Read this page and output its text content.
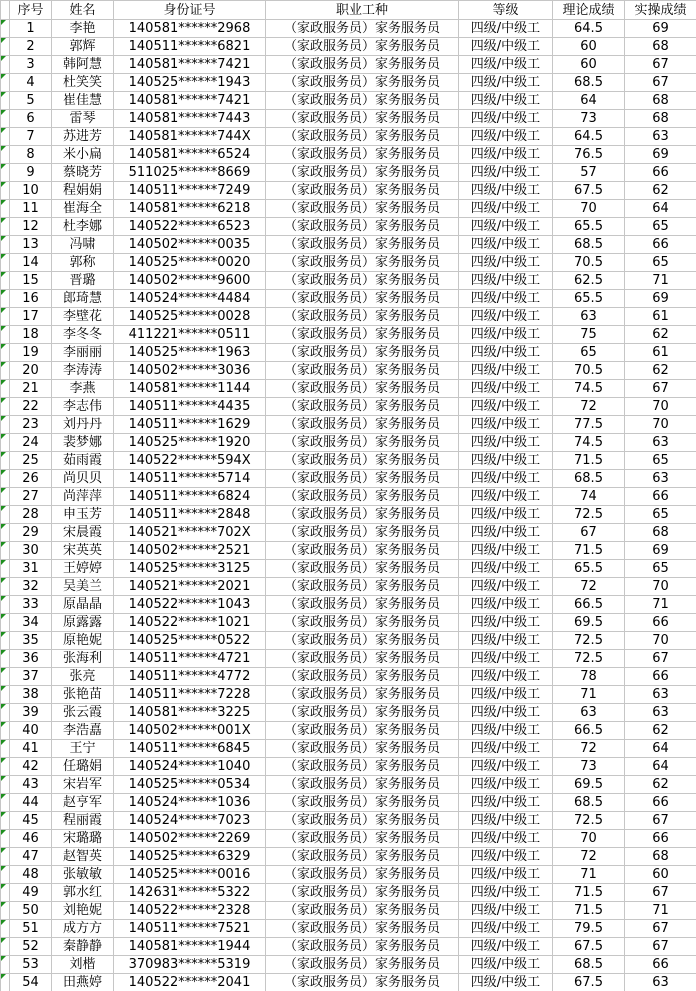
	序号	姓名	身份证号	职业工种	等级	理论成绩	实操成绩

	1	李艳	140581******2968	（家政服务员）家务服务员	四级/中级工	64.5	69

	2	郭辉	140511******6821	（家政服务员）家务服务员	四级/中级工	60	68

	3	韩阿慧	140581******7421	（家政服务员）家务服务员	四级/中级工	60	67

	4	杜笑笑	140525******1943	（家政服务员）家务服务员	四级/中级工	68.5	67

	5	崔佳慧	140581******7421	（家政服务员）家务服务员	四级/中级工	64	68

	6	雷琴	140581******7443	（家政服务员）家务服务员	四级/中级工	73	68

	7	苏进芳	140581******744X	（家政服务员）家务服务员	四级/中级工	64.5	63

	8	米小扁	140581******6524	（家政服务员）家务服务员	四级/中级工	76.5	69

	9	蔡晓芳	511025******8669	（家政服务员）家务服务员	四级/中级工	57	66

	10	程娟娟	140511******7249	（家政服务员）家务服务员	四级/中级工	67.5	62

	11	崔海全	140581******6218	（家政服务员）家务服务员	四级/中级工	70	64

	12	杜李娜	140522******6523	（家政服务员）家务服务员	四级/中级工	65.5	65

	13	冯啸	140502******0035	（家政服务员）家务服务员	四级/中级工	68.5	66

	14	郭称	140525******0020	（家政服务员）家务服务员	四级/中级工	70.5	65

	15	晋璐	140502******9600	（家政服务员）家务服务员	四级/中级工	62.5	71

	16	郎琦慧	140524******4484	（家政服务员）家务服务员	四级/中级工	65.5	69

	17	李壁花	140525******0028	（家政服务员）家务服务员	四级/中级工	63	61

	18	李冬冬	411221******0511	（家政服务员）家务服务员	四级/中级工	75	62

	19	李丽丽	140525******1963	（家政服务员）家务服务员	四级/中级工	65	61

	20	李涛涛	140502******3036	（家政服务员）家务服务员	四级/中级工	70.5	62

	21	李燕	140581******1144	（家政服务员）家务服务员	四级/中级工	74.5	67

	22	李志伟	140511******4435	（家政服务员）家务服务员	四级/中级工	72	70

	23	刘丹丹	140511******1629	（家政服务员）家务服务员	四级/中级工	77.5	70

	24	裴梦娜	140525******1920	（家政服务员）家务服务员	四级/中级工	74.5	63

	25	茹雨霞	140522******594X	（家政服务员）家务服务员	四级/中级工	71.5	65

	26	尚贝贝	140511******5714	（家政服务员）家务服务员	四级/中级工	68.5	63

	27	尚萍萍	140511******6824	（家政服务员）家务服务员	四级/中级工	74	66

	28	申玉芳	140511******2848	（家政服务员）家务服务员	四级/中级工	72.5	65

	29	宋晨霞	140521******702X	（家政服务员）家务服务员	四级/中级工	67	68

	30	宋英英	140502******2521	（家政服务员）家务服务员	四级/中级工	71.5	69

	31	王婷婷	140525******3125	（家政服务员）家务服务员	四级/中级工	65.5	65

	32	吴美兰	140521******2021	（家政服务员）家务服务员	四级/中级工	72	70

	33	原晶晶	140522******1043	（家政服务员）家务服务员	四级/中级工	66.5	71

	34	原露露	140522******1021	（家政服务员）家务服务员	四级/中级工	69.5	66

	35	原艳妮	140525******0522	（家政服务员）家务服务员	四级/中级工	72.5	70

	36	张海利	140511******4721	（家政服务员）家务服务员	四级/中级工	72.5	67

	37	张亮	140511******4772	（家政服务员）家务服务员	四级/中级工	78	66

	38	张艳苗	140511******7228	（家政服务员）家务服务员	四级/中级工	71	63

	39	张云霞	140581******3225	（家政服务员）家务服务员	四级/中级工	63	63

	40	李浩嚞	140502******001X	（家政服务员）家务服务员	四级/中级工	66.5	62

	41	王宁	140511******6845	（家政服务员）家务服务员	四级/中级工	72	64

	42	任璐娟	140524******1040	（家政服务员）家务服务员	四级/中级工	73	64

	43	宋岩军	140525******0534	（家政服务员）家务服务员	四级/中级工	69.5	62

	44	赵亨军	140524******1036	（家政服务员）家务服务员	四级/中级工	68.5	66

	45	程丽霞	140524******7023	（家政服务员）家务服务员	四级/中级工	72.5	67

	46	宋璐璐	140502******2269	（家政服务员）家务服务员	四级/中级工	70	66

	47	赵智英	140525******6329	（家政服务员）家务服务员	四级/中级工	72	68

	48	张敏敏	140525******0016	（家政服务员）家务服务员	四级/中级工	71	60

	49	郭水红	142631******5322	（家政服务员）家务服务员	四级/中级工	71.5	67

	50	刘艳妮	140522******2328	（家政服务员）家务服务员	四级/中级工	71.5	71

	51	成方方	140511******7521	（家政服务员）家务服务员	四级/中级工	79.5	67

	52	秦静静	140581******1944	（家政服务员）家务服务员	四级/中级工	67.5	67

	53	刘楷	370983******5319	（家政服务员）家务服务员	四级/中级工	68.5	66

	54	田燕婷	140522******2041	（家政服务员）家务服务员	四级/中级工	67.5	63
